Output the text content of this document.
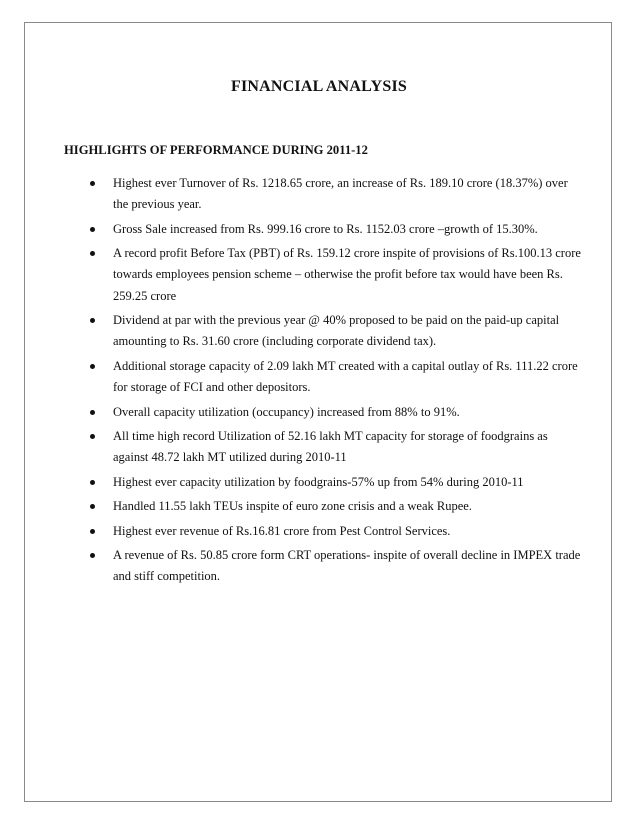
FINANCIAL ANALYSIS
HIGHLIGHTS OF PERFORMANCE DURING 2011-12
Highest ever Turnover of Rs. 1218.65 crore, an increase of Rs. 189.10 crore (18.37%) over the previous year.
Gross Sale increased from Rs. 999.16 crore to Rs. 1152.03 crore –growth of 15.30%.
A record profit Before Tax (PBT) of Rs. 159.12 crore inspite of provisions of Rs.100.13 crore towards employees pension scheme – otherwise the profit before tax would have been Rs. 259.25 crore
Dividend at par with the previous year @ 40% proposed to be paid on the paid-up capital amounting to Rs. 31.60 crore (including corporate dividend tax).
Additional storage capacity of 2.09 lakh MT created with a capital outlay of Rs. 111.22 crore for storage of FCI and other depositors.
Overall capacity utilization (occupancy) increased from 88% to 91%.
All time high record Utilization of 52.16 lakh MT capacity for storage of foodgrains as against 48.72 lakh MT utilized during 2010-11
Highest ever capacity utilization by foodgrains-57% up from 54% during 2010-11
Handled 11.55 lakh TEUs inspite of euro zone crisis and a weak Rupee.
Highest ever revenue of Rs.16.81 crore from Pest Control Services.
A revenue of Rs. 50.85 crore form CRT operations- inspite of overall decline in IMPEX trade and stiff competition.
